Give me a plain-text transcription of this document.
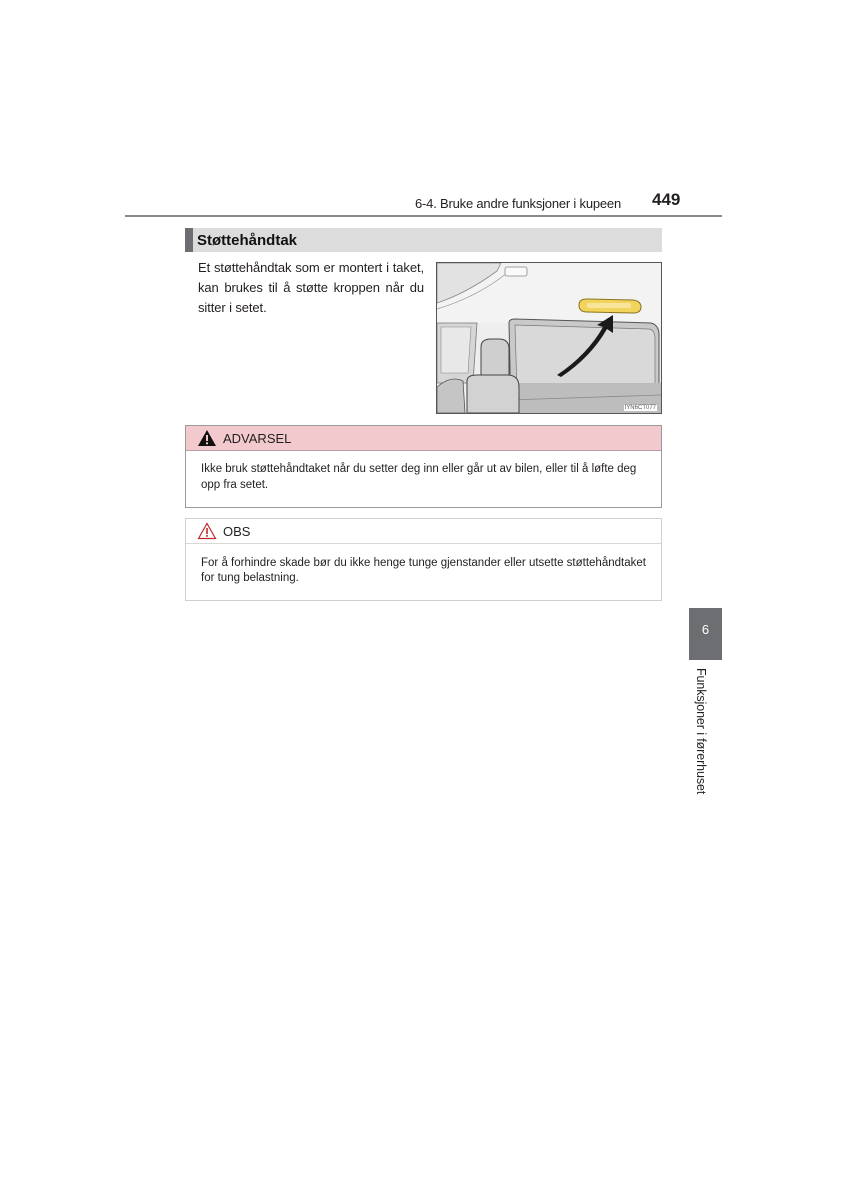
6-4. Bruke andre funksjoner i kupeen 449
Støttehåndtak
Et støttehåndtak som er montert i taket, kan brukes til å støtte kroppen når du sitter i setet.
IYN6CT077
ADVARSEL
Ikke bruk støttehåndtaket når du setter deg inn eller går ut av bilen, eller til å løfte deg opp fra setet.
OBS
For å forhindre skade bør du ikke henge tunge gjenstander eller utsette støttehåndtaket for tung belastning.
6
Funksjoner i førerhuset
